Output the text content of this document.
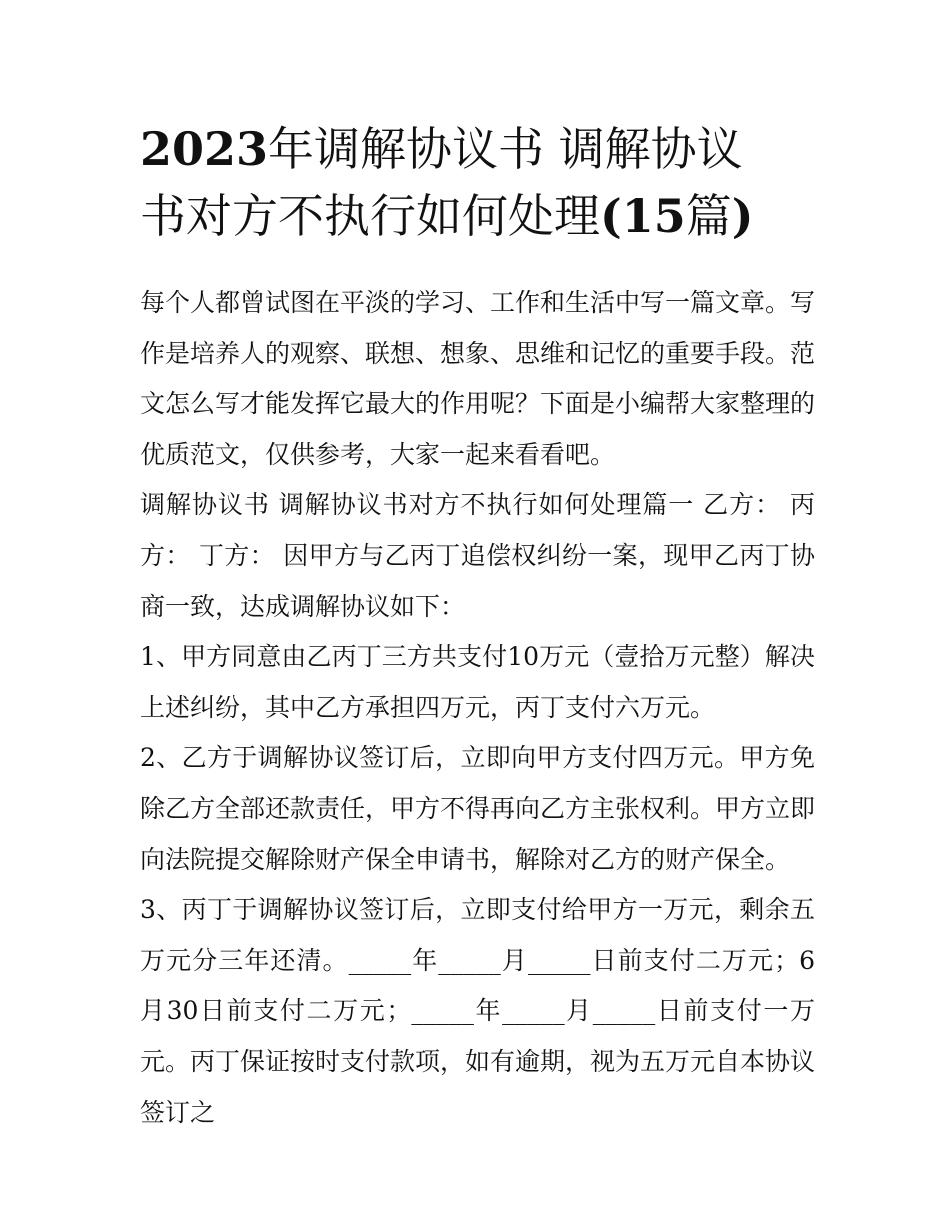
2023年调解协议书 调解协议
书对方不执行如何处理(15篇)

每个人都曾试图在平淡的学习、工作和生活中写一篇文章。写作是培养人的观察、联想、想象、思维和记忆的重要手段。范文怎么写才能发挥它最大的作用呢？下面是小编帮大家整理的优质范文，仅供参考，大家一起来看看吧。

调解协议书 调解协议书对方不执行如何处理篇一 乙方： 丙方： 丁方： 因甲方与乙丙丁追偿权纠纷一案，现甲乙丙丁协商一致，达成调解协议如下：

1、甲方同意由乙丙丁三方共支付10万元（壹拾万元整）解决上述纠纷，其中乙方承担四万元，丙丁支付六万元。

2、乙方于调解协议签订后，立即向甲方支付四万元。甲方免除乙方全部还款责任，甲方不得再向乙方主张权利。甲方立即向法院提交解除财产保全申请书，解除对乙方的财产保全。

3、丙丁于调解协议签订后，立即支付给甲方一万元，剩余五万元分三年还清。_____年_____月_____日前支付二万元；6月30日前支付二万元；_____年_____月_____日前支付一万元。丙丁保证按时支付款项，如有逾期，视为五万元自本协议签订之
